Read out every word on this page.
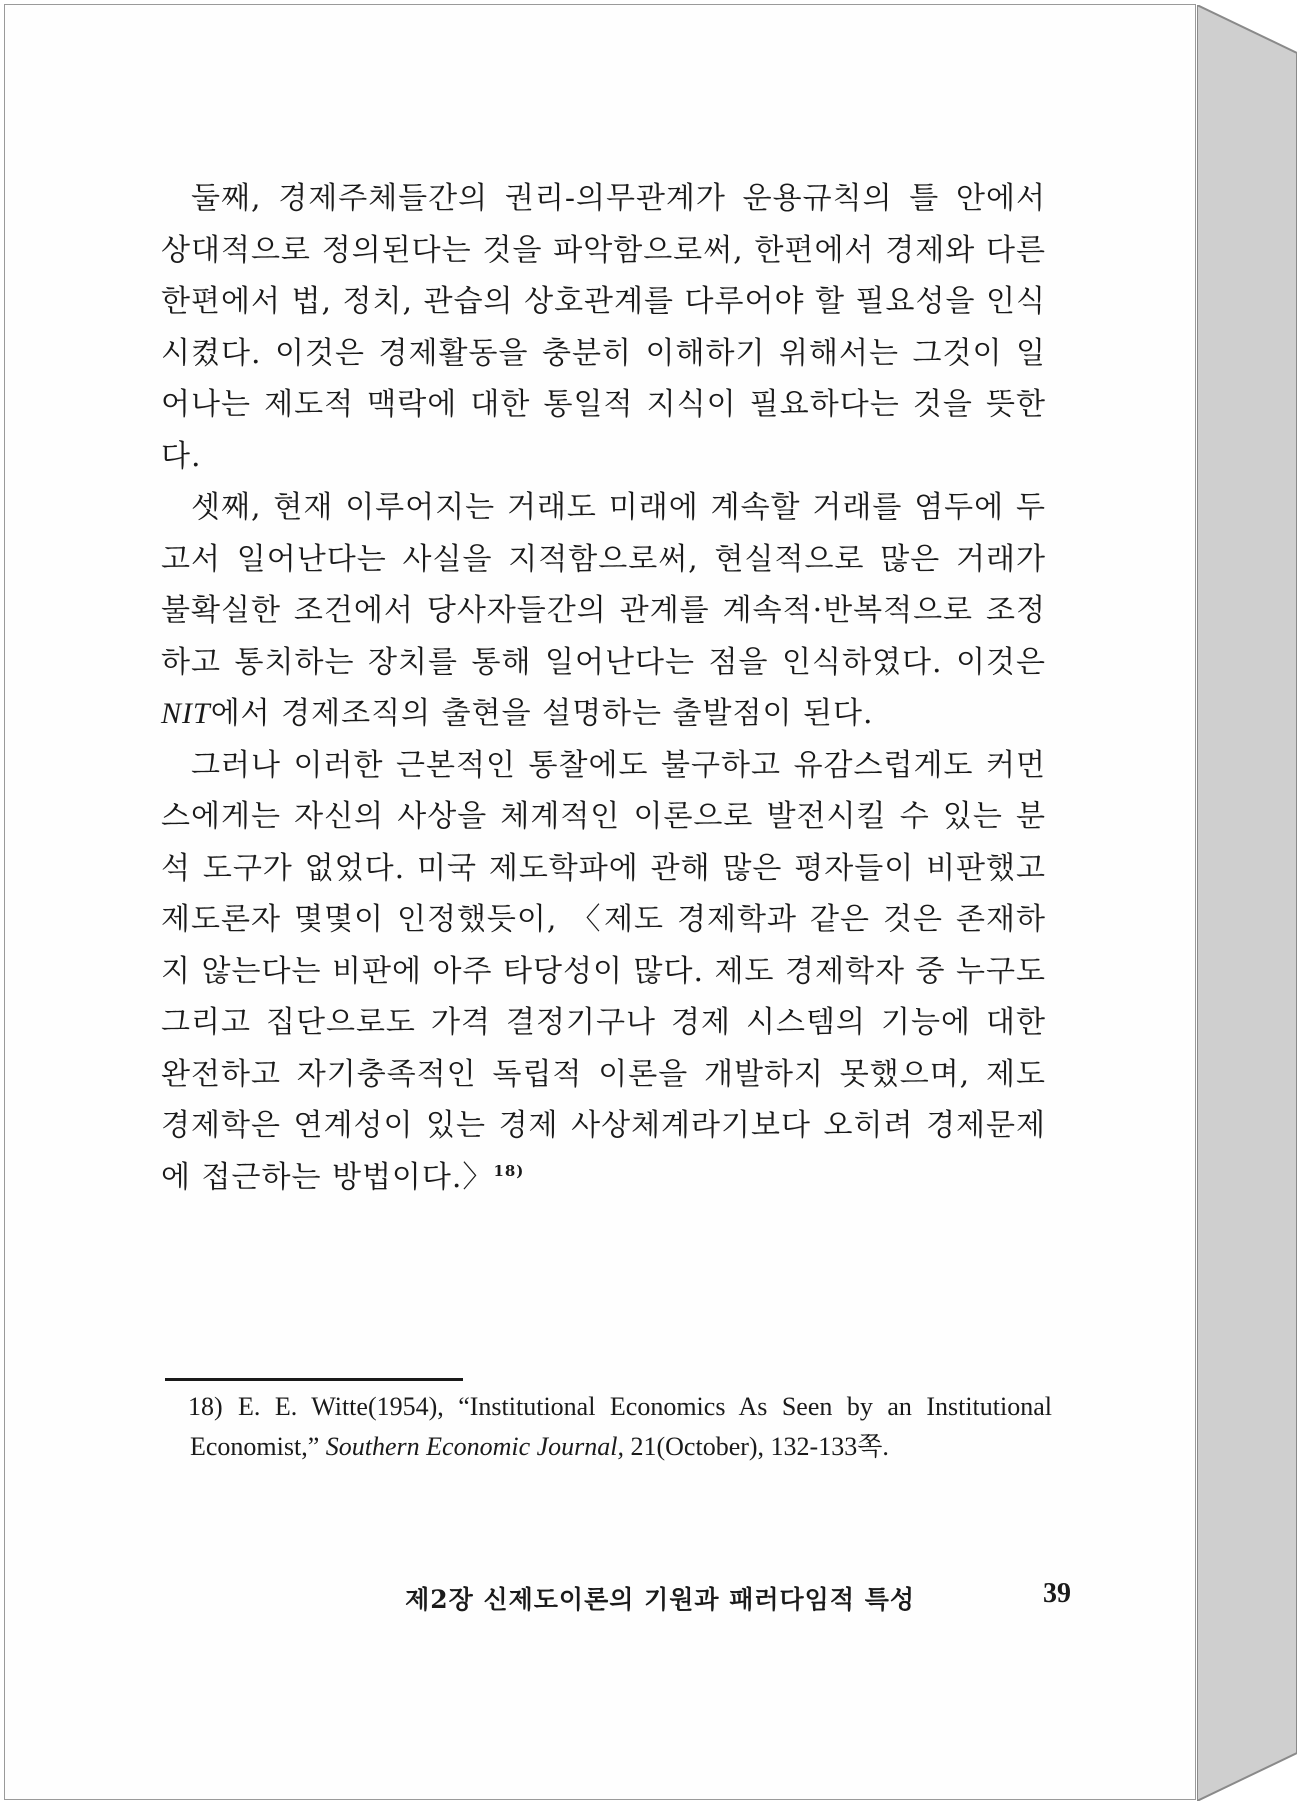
둘째, 경제주체들간의 권리-의무관계가 운용규칙의 틀 안에서 상대적으로 정의된다는 것을 파악함으로써, 한편에서 경제와 다른 한편에서 법, 정치, 관습의 상호관계를 다루어야 할 필요성을 인식시켰다. 이것은 경제활동을 충분히 이해하기 위해서는 그것이 일어나는 제도적 맥락에 대한 통일적 지식이 필요하다는 것을 뜻한다.

셋째, 현재 이루어지는 거래도 미래에 계속할 거래를 염두에 두고서 일어난다는 사실을 지적함으로써, 현실적으로 많은 거래가 불확실한 조건에서 당사자들간의 관계를 계속적·반복적으로 조정하고 통치하는 장치를 통해 일어난다는 점을 인식하였다. 이것은 NIT에서 경제조직의 출현을 설명하는 출발점이 된다.

그러나 이러한 근본적인 통찰에도 불구하고 유감스럽게도 커먼스에게는 자신의 사상을 체계적인 이론으로 발전시킬 수 있는 분석 도구가 없었다. 미국 제도학파에 관해 많은 평자들이 비판했고 제도론자 몇몇이 인정했듯이, 〈제도 경제학과 같은 것은 존재하지 않는다는 비판에 아주 타당성이 많다. 제도 경제학자 중 누구도 그리고 집단으로도 가격 결정기구나 경제 시스템의 기능에 대한 완전하고 자기충족적인 독립적 이론을 개발하지 못했으며, 제도 경제학은 연계성이 있는 경제 사상체계라기보다 오히려 경제문제에 접근하는 방법이다.〉$^{18)}$

18) E. E. Witte(1954), “Institutional Economics As Seen by an Institutional Economist,” Southern Economic Journal, 21(October), 132-133쪽.
제2장 신제도이론의 기원과 패러다임적 특성	39
